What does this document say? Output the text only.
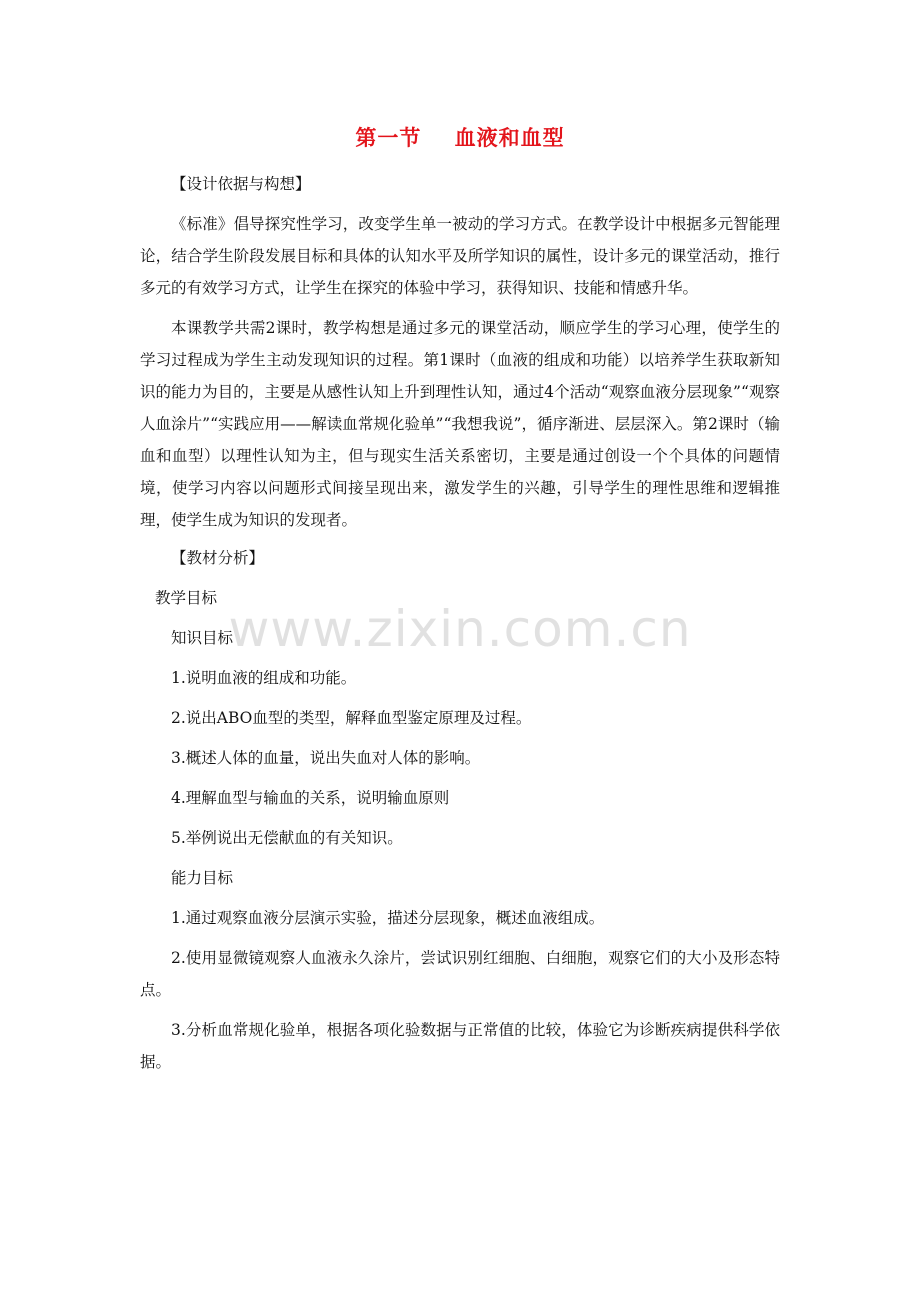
第一节    血液和血型

【设计依据与构想】

《标准》倡导探究性学习，改变学生单一被动的学习方式。在教学设计中根据多元智能理论，结合学生阶段发展目标和具体的认知水平及所学知识的属性，设计多元的课堂活动，推行多元的有效学习方式，让学生在探究的体验中学习，获得知识、技能和情感升华。

本课教学共需2课时，教学构想是通过多元的课堂活动，顺应学生的学习心理，使学生的学习过程成为学生主动发现知识的过程。第1课时（血液的组成和功能）以培养学生获取新知识的能力为目的，主要是从感性认知上升到理性认知，通过4个活动“观察血液分层现象”“观察人血涂片”“实践应用——解读血常规化验单”“我想我说”，循序渐进、层层深入。第2课时（输血和血型）以理性认知为主，但与现实生活关系密切，主要是通过创设一个个具体的问题情境，使学习内容以问题形式间接呈现出来，激发学生的兴趣，引导学生的理性思维和逻辑推理，使学生成为知识的发现者。

【教材分析】

教学目标

知识目标

1.说明血液的组成和功能。

2.说出ABO血型的类型，解释血型鉴定原理及过程。

3.概述人体的血量，说出失血对人体的影响。

4.理解血型与输血的关系，说明输血原则

5.举例说出无偿献血的有关知识。

能力目标

1.通过观察血液分层演示实验，描述分层现象，概述血液组成。

2.使用显微镜观察人血液永久涂片，尝试识别红细胞、白细胞，观察它们的大小及形态特点。

3.分析血常规化验单，根据各项化验数据与正常值的比较，体验它为诊断疾病提供科学依据。

www.zixin.com.cn
